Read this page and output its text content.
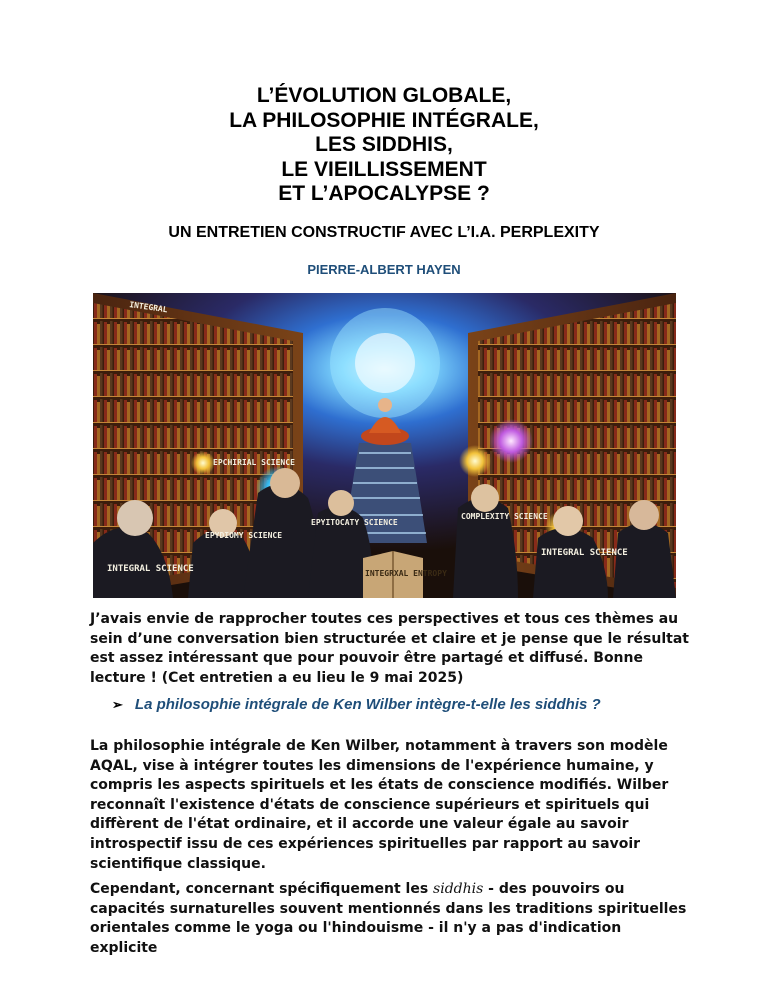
L’ÉVOLUTION GLOBALE,
LA PHILOSOPHIE INTÉGRALE,
LES SIDDHIS,
LE VIEILLISSEMENT
ET L’APOCALYPSE ?
UN ENTRETIEN CONSTRUCTIF AVEC L’I.A. PERPLEXITY
PIERRE-ALBERT HAYEN
INTEGRAL
EPCHIRIAL SCIENCE
EPYITOCATY SCIENCE
EPYDIOMY SCIENCE
INTEGRAL SCIENCE	INTEGRXAL ENTROPY
COMPLEXITY SCIENCE
INTEGRAL SCIENCE
J’avais envie de rapprocher toutes ces perspectives et tous ces thèmes au sein d’une conversation bien structurée et claire et je pense que le résultat est assez intéressant que pour pouvoir être partagé et diffusé. Bonne lecture ! (Cet entretien a eu lieu le 9 mai 2025)
➢ La philosophie intégrale de Ken Wilber intègre-t-elle les siddhis ?
La philosophie intégrale de Ken Wilber, notamment à travers son modèle AQAL, vise à intégrer toutes les dimensions de l'expérience humaine, y compris les aspects spirituels et les états de conscience modifiés. Wilber reconnaît l'existence d'états de conscience supérieurs et spirituels qui diffèrent de l'état ordinaire, et il accorde une valeur égale au savoir introspectif issu de ces expériences spirituelles par rapport au savoir scientifique classique.
Cependant, concernant spécifiquement les siddhis - des pouvoirs ou capacités surnaturelles souvent mentionnés dans les traditions spirituelles orientales comme le yoga ou l'hindouisme - il n'y a pas d'indication explicite
